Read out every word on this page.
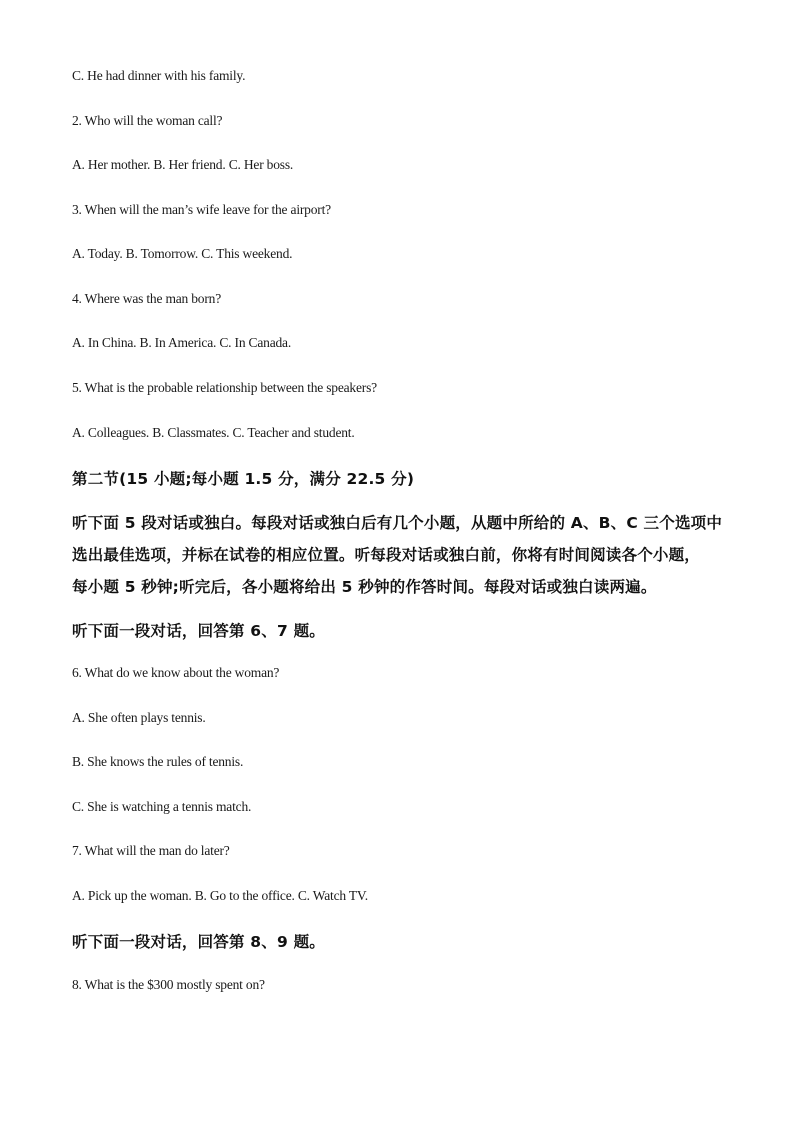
C. He had dinner with his family.
2. Who will the woman call?
A. Her mother. B. Her friend. C. Her boss.
3. When will the man’s wife leave for the airport?
A. Today. B. Tomorrow. C. This weekend.
4. Where was the man born?
A. In China. B. In America. C. In Canada.
5. What is the probable relationship between the speakers?
A. Colleagues. B. Classmates. C. Teacher and student.
第二节(15 小题;每小题 1.5 分，满分 22.5 分)
听下面 5 段对话或独白。每段对话或独白后有几个小题，从题中所给的 A、B、C 三个选项中
选出最佳选项，并标在试卷的相应位置。听每段对话或独白前，你将有时间阅读各个小题，
每小题 5 秒钟;听完后，各小题将给出 5 秒钟的作答时间。每段对话或独白读两遍。
听下面一段对话，回答第 6、7 题。
6. What do we know about the woman?
A. She often plays tennis.
B. She knows the rules of tennis.
C. She is watching a tennis match.
7. What will the man do later?
A. Pick up the woman. B. Go to the office. C. Watch TV.
听下面一段对话，回答第 8、9 题。
8. What is the $300 mostly spent on?
